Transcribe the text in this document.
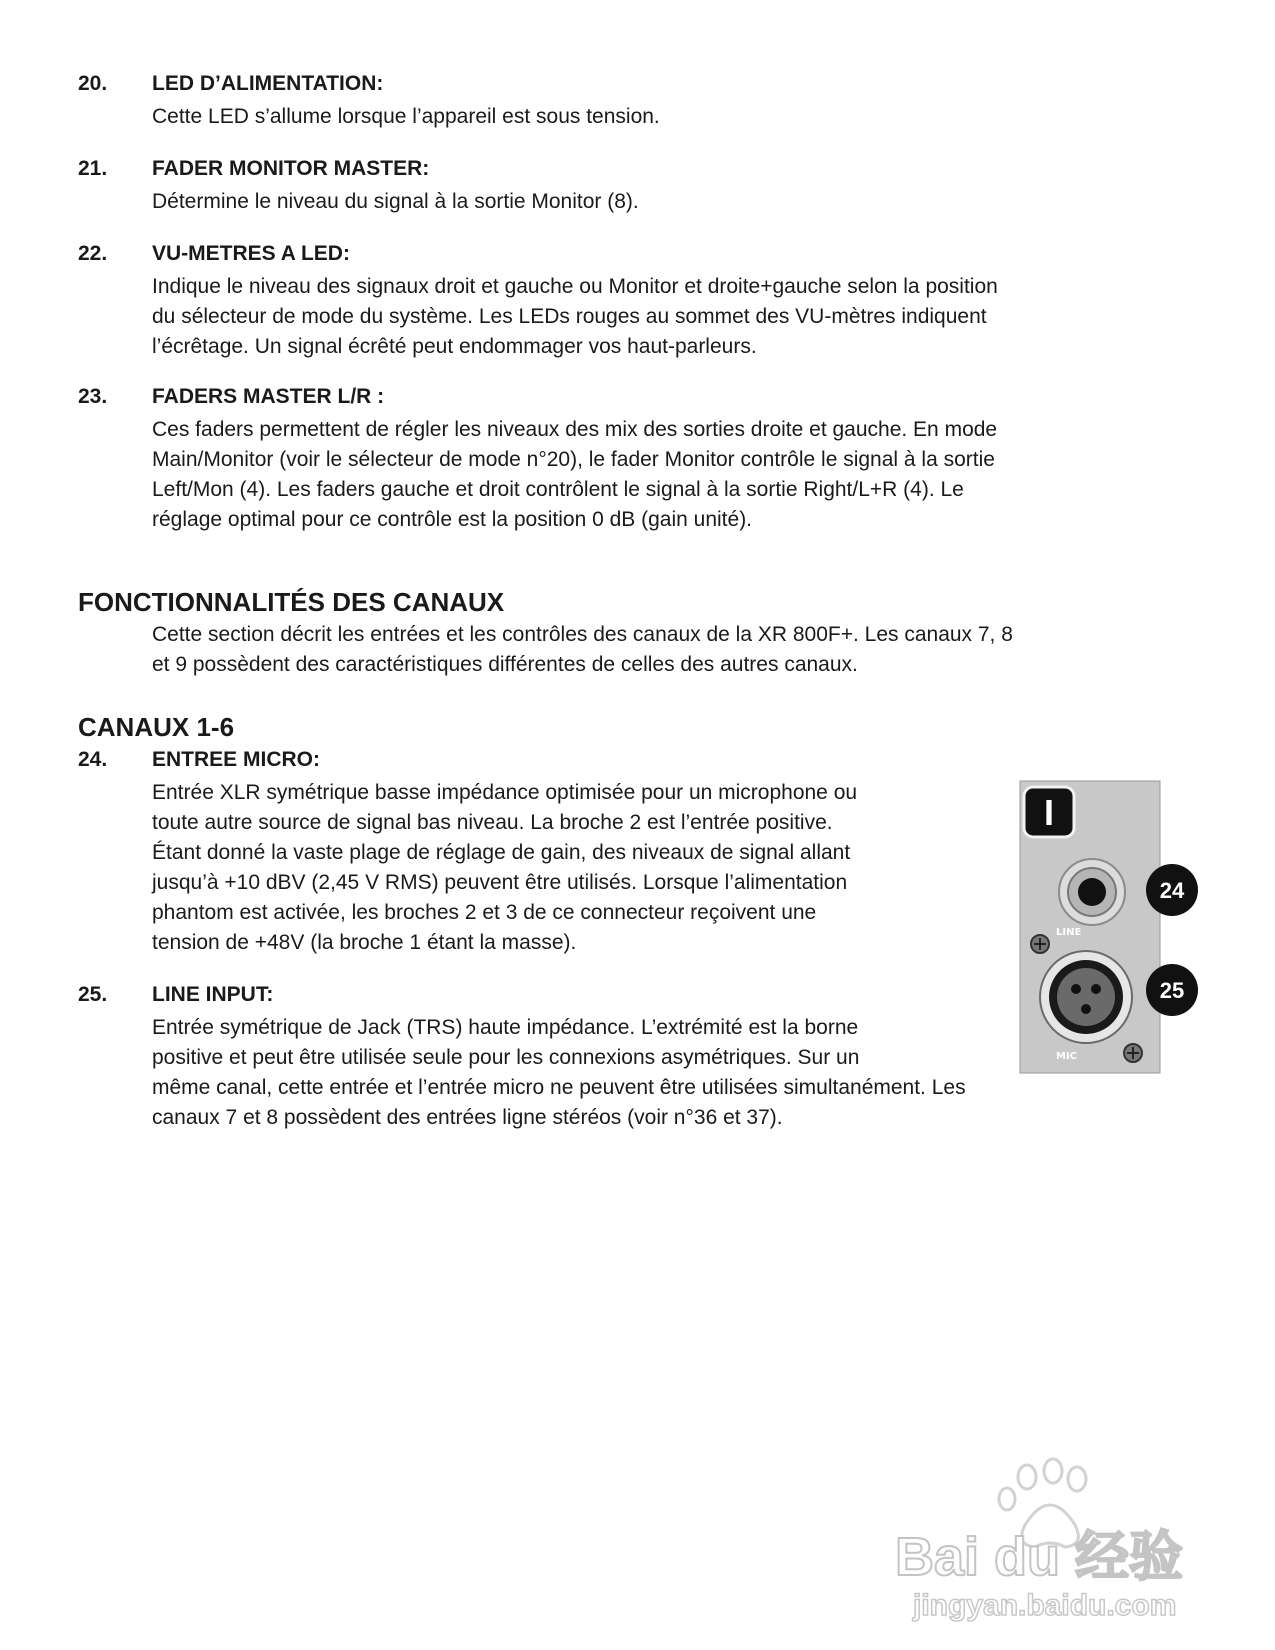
20. LED D’ALIMENTATION:
Cette LED s’allume lorsque l’appareil est sous tension.
21. FADER MONITOR MASTER:
Détermine le niveau du signal à la sortie Monitor (8).
22. VU-METRES A LED:
Indique le niveau des signaux droit et gauche ou Monitor et droite+gauche selon la position
du sélecteur de mode du système. Les LEDs rouges au sommet des VU-mètres indiquent
l’écrêtage. Un signal écrêté peut endommager vos haut-parleurs.
23. FADERS MASTER L/R :
Ces faders permettent de régler les niveaux des mix des sorties droite et gauche. En mode
Main/Monitor (voir le sélecteur de mode n°20), le fader Monitor contrôle le signal à la sortie
Left/Mon (4). Les faders gauche et droit contrôlent le signal à la sortie Right/L+R (4). Le
réglage optimal pour ce contrôle est la position 0 dB (gain unité).
FONCTIONNALITÉS DES CANAUX
Cette section décrit les entrées et les contrôles des canaux de la XR 800F+. Les canaux 7, 8
et 9 possèdent des caractéristiques différentes de celles des autres canaux.
CANAUX 1-6
24. ENTREE MICRO:
Entrée XLR symétrique basse impédance optimisée pour un microphone ou
toute autre source de signal bas niveau. La broche 2 est l’entrée positive.
Étant donné la vaste plage de réglage de gain, des niveaux de signal allant
jusqu’à +10 dBV (2,45 V RMS) peuvent être utilisés. Lorsque l’alimentation
phantom est activée, les broches 2 et 3 de ce connecteur reçoivent une
tension de +48V (la broche 1 étant la masse).
25. LINE INPUT:
Entrée symétrique de Jack (TRS) haute impédance. L’extrémité est la borne
positive et peut être utilisée seule pour les connexions asymétriques. Sur un
même canal, cette entrée et l’entrée micro ne peuvent être utilisées simultanément. Les
canaux 7 et 8 possèdent des entrées ligne stéréos (voir n°36 et 37).
I
LINE
MIC
24
25
Bai du 经验
jingyan.baidu.com
